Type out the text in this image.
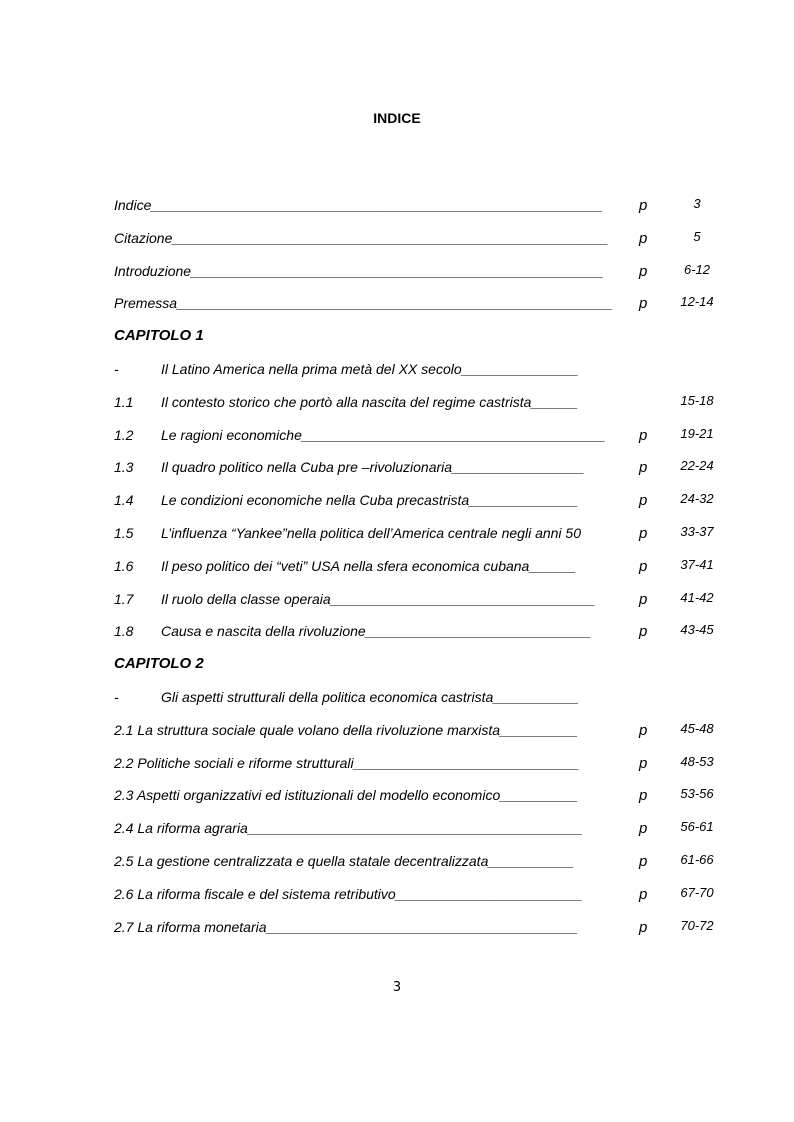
INDICE
Indice__________________________________________________________ p	3
Citazione________________________________________________________ p	5
Introduzione_____________________________________________________ p	6-12
Premessa________________________________________________________ p	12-14
CAPITOLO 1
-	Il Latino America nella prima metà del XX secolo_______________
1.1 Il contesto storico che portò alla nascita del regime castrista______	15-18
1.2 Le ragioni economiche_______________________________________ p	19-21
1.3 Il quadro politico nella Cuba pre –rivoluzionaria_________________	p	22-24
1.4 Le condizioni economiche nella Cuba precastrista______________	p	24-32
1.5 L’influenza “Yankee”nella politica dell’America centrale negli anni 50	p	33-37
1.6 Il peso politico dei “veti” USA nella sfera economica cubana______	p	37-41
1.7 Il ruolo della classe operaia__________________________________	p	41-42
1.8 Causa e nascita della rivoluzione_____________________________	p	43-45
CAPITOLO 2
-	Gli aspetti strutturali della politica economica castrista___________
2.1 La struttura sociale quale volano della rivoluzione marxista__________	p	45-48
2.2 Politiche sociali e riforme strutturali_____________________________	p	48-53
2.3 Aspetti organizzativi ed istituzionali del modello economico__________	p	53-56
2.4 La riforma agraria___________________________________________	p	56-61
2.5 La gestione centralizzata e quella statale decentralizzata___________	p	61-66
2.6 La riforma fiscale e del sistema retributivo________________________	p	67-70
2.7 La riforma monetaria________________________________________	p	70-72
3
